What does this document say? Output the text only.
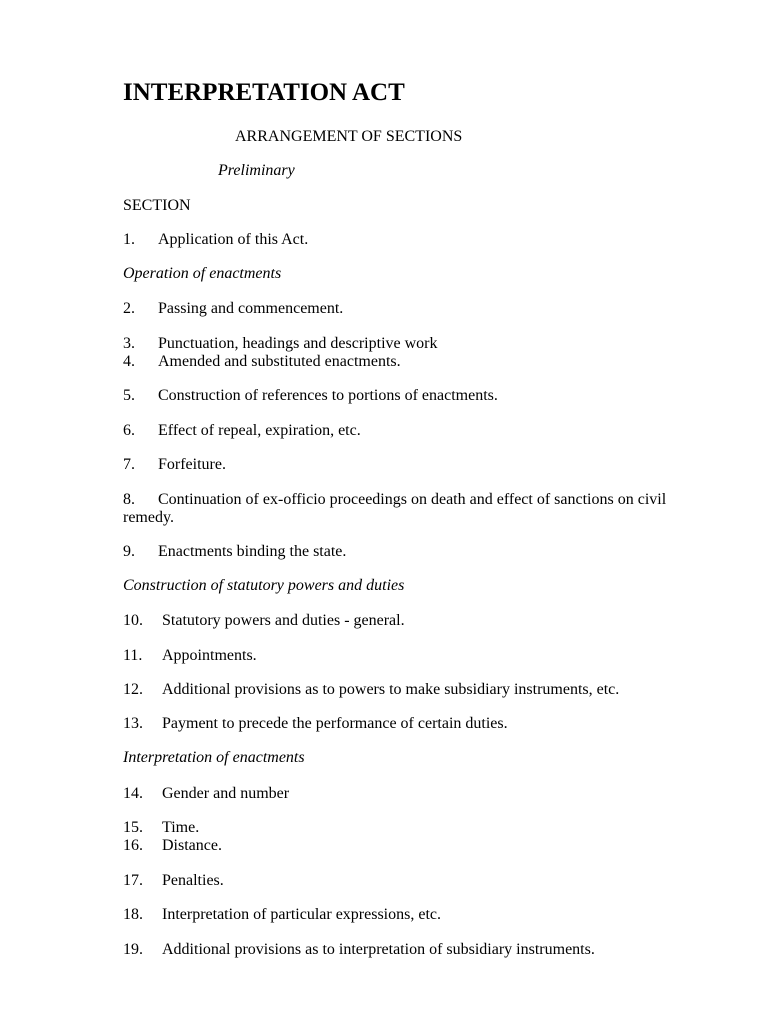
INTERPRETATION ACT
ARRANGEMENT OF SECTIONS
Preliminary
SECTION
1. Application of this Act.
Operation of enactments
2. Passing and commencement.
3. Punctuation, headings and descriptive work
4. Amended and substituted enactments.
5. Construction of references to portions of enactments.
6. Effect of repeal, expiration, etc.
7. Forfeiture.
8. Continuation of ex-officio proceedings on death and effect of sanctions on civil
remedy.
9. Enactments binding the state.
Construction of statutory powers and duties
10. Statutory powers and duties - general.
11. Appointments.
12. Additional provisions as to powers to make subsidiary instruments, etc.
13. Payment to precede the performance of certain duties.
Interpretation of enactments
14. Gender and number
15. Time.
16. Distance.
17. Penalties.
18. Interpretation of particular expressions, etc.
19. Additional provisions as to interpretation of subsidiary instruments.
